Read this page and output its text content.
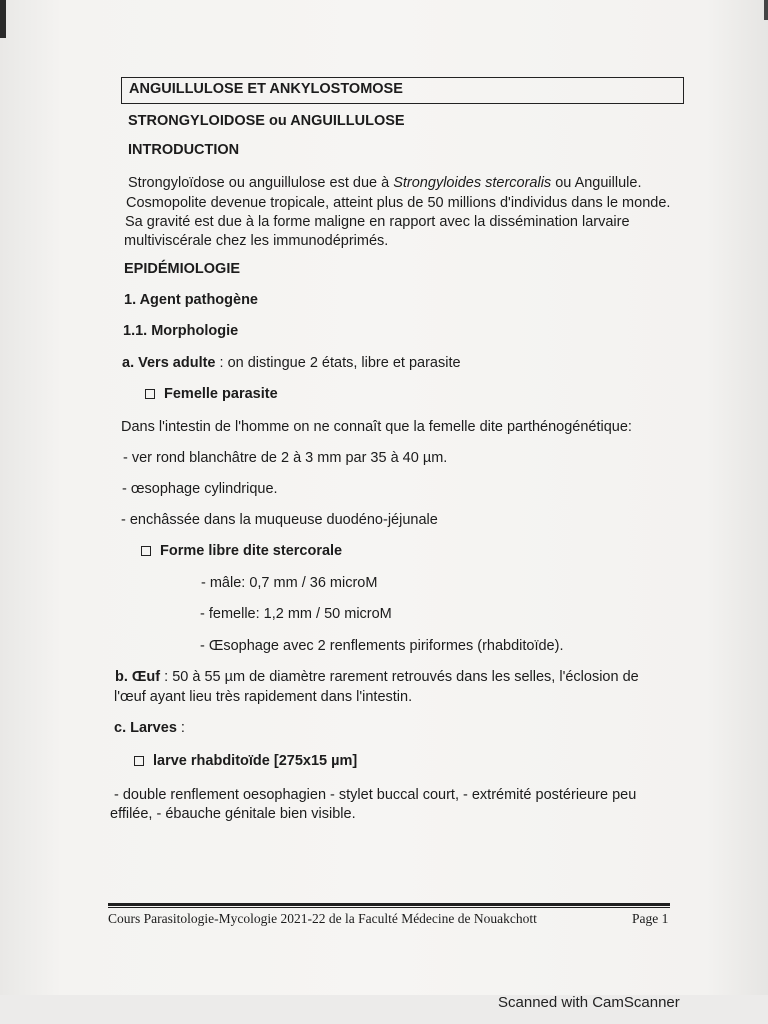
ANGUILLULOSE ET ANKYLOSTOMOSE
STRONGYLOIDOSE ou ANGUILLULOSE
INTRODUCTION
Strongyloïdose ou anguillulose est due à Strongyloides stercoralis ou Anguillule.
Cosmopolite devenue tropicale, atteint plus de 50 millions d'individus dans le monde.
Sa gravité est due à la forme maligne en rapport avec la dissémination larvaire
multiviscérale chez les immunodéprimés.
EPIDÉMIOLOGIE
1. Agent pathogène
1.1. Morphologie
a. Vers adulte : on distingue 2 états, libre et parasite
Femelle parasite
Dans l'intestin de l'homme on ne connaît que la femelle dite parthénogénétique:
- ver rond blanchâtre de 2 à 3 mm par 35 à 40 µm.
- œsophage cylindrique.
- enchâssée dans la muqueuse duodéno-jéjunale
Forme libre dite stercorale
- mâle: 0,7 mm / 36 microM
- femelle: 1,2 mm / 50 microM
- Œsophage avec 2 renflements piriformes (rhabditoïde).
b. Œuf : 50 à 55 µm de diamètre rarement retrouvés dans les selles, l'éclosion de
l'œuf ayant lieu très rapidement dans l'intestin.
c. Larves :
larve rhabditoïde [275x15 µm]
- double renflement oesophagien - stylet buccal court, - extrémité postérieure peu
effilée, - ébauche génitale bien visible.
Cours Parasitologie-Mycologie 2021-22 de la Faculté Médecine de Nouakchott	Page 1
Scanned with CamScanner
